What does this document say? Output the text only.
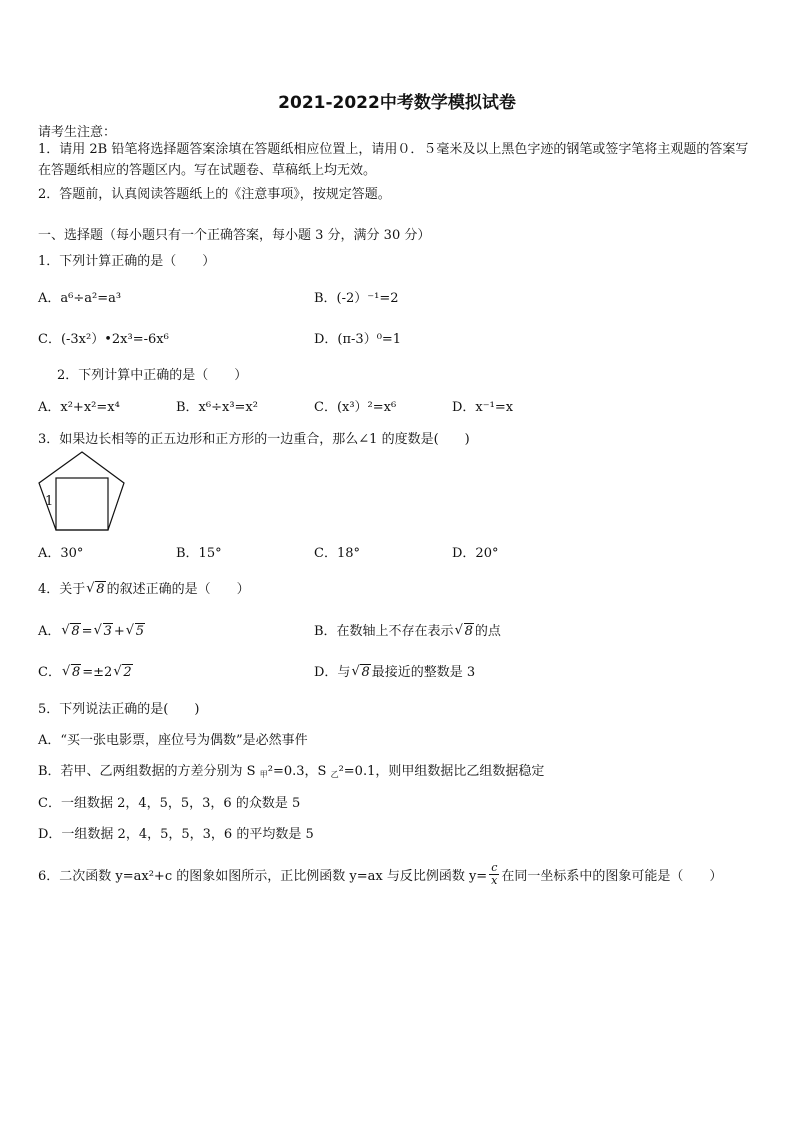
2021-2022中考数学模拟试卷
请考生注意：
1．请用 2B 铅笔将选择题答案涂填在答题纸相应位置上，请用０．５毫米及以上黑色字迹的钢笔或签字笔将主观题的答案写在答题纸相应的答题区内。写在试题卷、草稿纸上均无效。
2．答题前，认真阅读答题纸上的《注意事项》，按规定答题。
一、选择题（每小题只有一个正确答案，每小题 3 分，满分 30 分）
1．下列计算正确的是（　　）
A．a⁶÷a²=a³	B．(-2）⁻¹=2
C．(-3x²）•2x³=-6x⁶	D．(π-3）⁰=1
2．下列计算中正确的是（　　）
A．x²+x²=x⁴	B．x⁶÷x³=x²	C．(x³）²=x⁶	D．x⁻¹=x
3．如果边长相等的正五边形和正方形的一边重合，那么∠1 的度数是(　　)
1
A．30°	B．15°	C．18°	D．20°
4．关于 √ 8 的叙述正确的是（　　）
A． √ 8 = √ 3 + √ 5	B．在数轴上不存在表示 √ 8 的点
C． √ 8 =±2 √ 2	D．与 √ 8 最接近的整数是 3
5．下列说法正确的是(　　)
A．“买一张电影票，座位号为偶数”是必然事件
B．若甲、乙两组数据的方差分别为 S $_甲$²=0.3，S $_乙$²=0.1，则甲组数据比乙组数据稳定
C．一组数据 2，4，5，5，3，6 的众数是 5
D．一组数据 2，4，5，5，3，6 的平均数是 5
6．二次函数 y=ax²+c 的图象如图所示，正比例函数 y=ax 与反比例函数 $y= \frac{c}{x}$ 在同一坐标系中的图象可能是（　　）
